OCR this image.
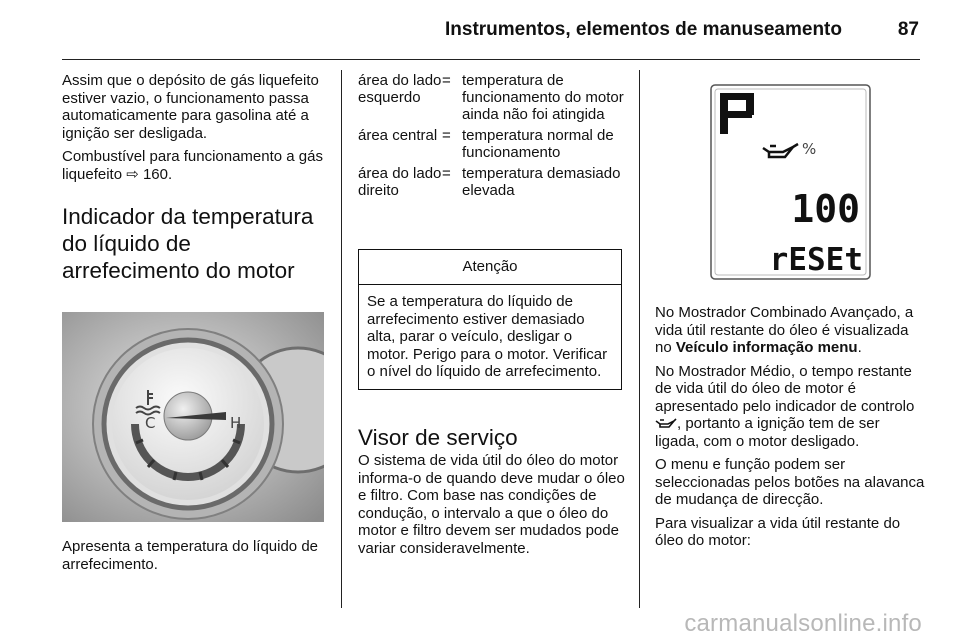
Instrumentos, elementos de manuseamento	87

Assim que o depósito de gás liquefeito estiver vazio, o funcionamento passa automaticamente para gasolina até a ignição ser desligada.

Combustível para funcionamento a gás liquefeito ⇨ 160.

Indicador da temperatura
do líquido de
arrefecimento do motor
C	H

Apresenta a temperatura do líquido de arrefecimento.

área do lado esquerdo	=	temperatura de funcionamento do motor ainda não foi atingida
área central	=	temperatura normal de funcionamento
área do lado direito	=	temperatura demasiado elevada
Atenção
Se a temperatura do líquido de arrefecimento estiver demasiado alta, parar o veículo, desligar o motor. Perigo para o motor. Verificar o nível do líquido de arrefecimento.
Visor de serviço

O sistema de vida útil do óleo do motor informa-o de quando deve mudar o óleo e filtro. Com base nas condições de condução, o intervalo a que o óleo do motor e filtro devem ser mudados pode variar consideravelmente.

%
100
rESEt

No Mostrador Combinado Avançado, a vida útil restante do óleo é visualizada no Veículo informação menu.

No Mostrador Médio, o tempo restante de vida útil do óleo de motor é apresentado pelo indicador de controlo , portanto a ignição tem de ser ligada, com o motor desligado.

O menu e função podem ser seleccionadas pelos botões na alavanca de mudança de direcção.

Para visualizar a vida útil restante do óleo do motor:

carmanualsonline.info
